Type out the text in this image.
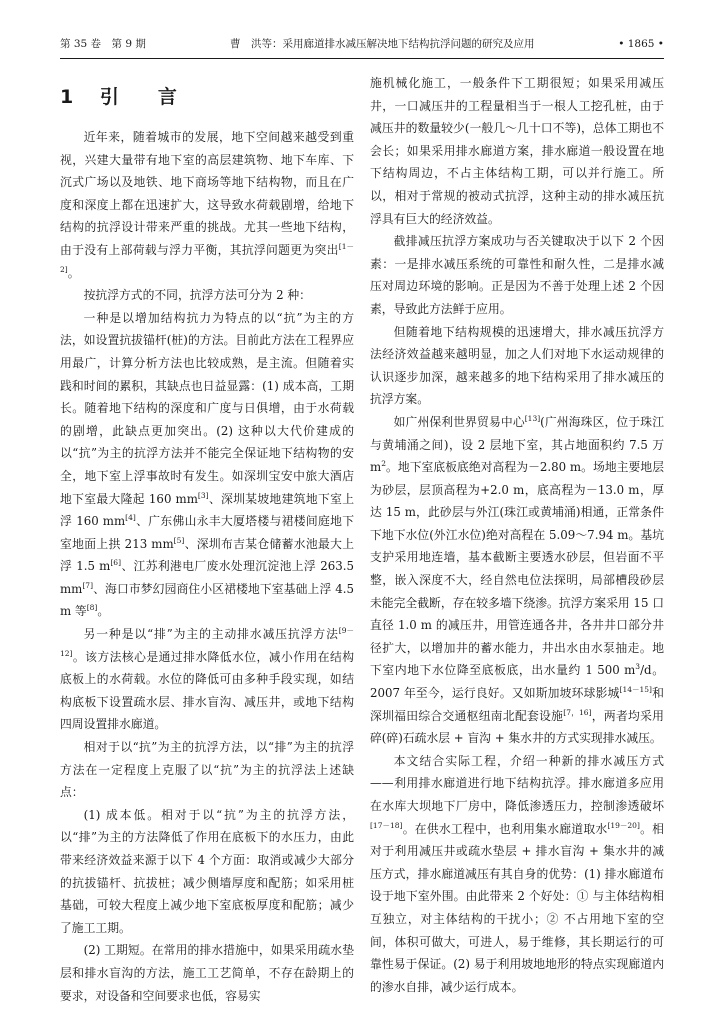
第 35 卷　第 9 期	曹　洪等：采用廊道排水减压解决地下结构抗浮问题的研究及应用	• 1865 •
1 引　言

近年来，随着城市的发展，地下空间越来越受到重视，兴建大量带有地下室的高层建筑物、地下车库、下沉式广场以及地铁、地下商场等地下结构物，而且在广度和深度上都在迅速扩大，这导致水荷载剧增，给地下结构的抗浮设计带来严重的挑战。尤其一些地下结构，由于没有上部荷载与浮力平衡，其抗浮问题更为突出[1－2]。

按抗浮方式的不同，抗浮方法可分为 2 种：

一种是以增加结构抗力为特点的以“抗”为主的方法，如设置抗拔锚杆(桩)的方法。目前此方法在工程界应用最广，计算分析方法也比较成熟，是主流。但随着实践和时间的累积，其缺点也日益显露：(1) 成本高，工期长。随着地下结构的深度和广度与日俱增，由于水荷载的剧增，此缺点更加突出。(2) 这种以大代价建成的以“抗”为主的抗浮方法并不能完全保证地下结构物的安全，地下室上浮事故时有发生。如深圳宝安中旅大酒店地下室最大隆起 160 mm[3]、深圳某坡地建筑地下室上浮 160 mm[4]、广东佛山永丰大厦塔楼与裙楼间庭地下室地面上拱 213 mm[5]、深圳布吉某仓储蓄水池最大上浮 1.5 m[6]、江苏利港电厂废水处理沉淀池上浮 263.5 mm[7]、海口市梦幻园商住小区裙楼地下室基础上浮 4.5 m 等[8]。

另一种是以“排”为主的主动排水减压抗浮方法[9－12]。该方法核心是通过排水降低水位，减小作用在结构底板上的水荷载。水位的降低可由多种手段实现，如结构底板下设置疏水层、排水盲沟、减压井，或地下结构四周设置排水廊道。

相对于以“抗”为主的抗浮方法，以“排”为主的抗浮方法在一定程度上克服了以“抗”为主的抗浮法上述缺点：

(1) 成本低。相对于以“抗”为主的抗浮方法，以“排”为主的方法降低了作用在底板下的水压力，由此带来经济效益来源于以下 4 个方面：取消或减少大部分的抗拔锚杆、抗拔桩；减少侧墙厚度和配筋；如采用桩基础，可较大程度上减少地下室底板厚度和配筋；减少了施工工期。

(2) 工期短。在常用的排水措施中，如果采用疏水垫层和排水盲沟的方法，施工工艺简单，不存在龄期上的要求，对设备和空间要求也低，容易实

施机械化施工，一般条件下工期很短；如果采用减压井，一口减压井的工程量相当于一根人工挖孔桩，由于减压井的数量较少(一般几～几十口不等)，总体工期也不会长；如果采用排水廊道方案，排水廊道一般设置在地下结构周边，不占主体结构工期，可以并行施工。所以，相对于常规的被动式抗浮，这种主动的排水减压抗浮具有巨大的经济效益。

截排减压抗浮方案成功与否关键取决于以下 2 个因素：一是排水减压系统的可靠性和耐久性，二是排水减压对周边环境的影响。正是因为不善于处理上述 2 个因素，导致此方法鲜于应用。

但随着地下结构规模的迅速增大，排水减压抗浮方法经济效益越来越明显，加之人们对地下水运动规律的认识逐步加深，越来越多的地下结构采用了排水减压的抗浮方案。

如广州保利世界贸易中心[13](广州海珠区，位于珠江与黄埔涌之间)，设 2 层地下室，其占地面积约 7.5 万 $m^2$。地下室底板底绝对高程为－2.80 m。场地主要地层为砂层，层顶高程为+2.0 m，底高程为－13.0 m，厚达 15 m，此砂层与外江(珠江或黄埔涌)相通，正常条件下地下水位(外江水位)绝对高程在 5.09～7.94 m。基坑支护采用地连墙，基本截断主要透水砂层，但岩面不平整，嵌入深度不大，经自然电位法探明，局部槽段砂层未能完全截断，存在较多墙下绕渗。抗浮方案采用 15 口直径 1.0 m 的减压井，用管连通各井，各井井口部分井径扩大，以增加井的蓄水能力，井出水由水泵抽走。地下室内地下水位降至底板底，出水量约 1 500 $m^3/d$。2007 年至今，运行良好。又如斯加坡环球影城[14－15]和深圳福田综合交通枢纽南北配套设施[7，16]，两者均采用碎(碎)石疏水层 + 盲沟 + 集水井的方式实现排水减压。

本文结合实际工程，介绍一种新的排水减压方式——利用排水廊道进行地下结构抗浮。排水廊道多应用在水库大坝地下厂房中，降低渗透压力，控制渗透破坏[17－18]。在供水工程中，也利用集水廊道取水[19－20]。相对于利用减压井或疏水垫层 + 排水盲沟 + 集水井的减压方式，排水廊道减压有其自身的优势：(1) 排水廊道布设于地下室外围。由此带来 2 个好处：① 与主体结构相互独立，对主体结构的干扰小；② 不占用地下室的空间，体积可做大，可进人，易于维修，其长期运行的可靠性易于保证。(2) 易于利用坡地地形的特点实现廊道内的渗水自排，减少运行成本。
